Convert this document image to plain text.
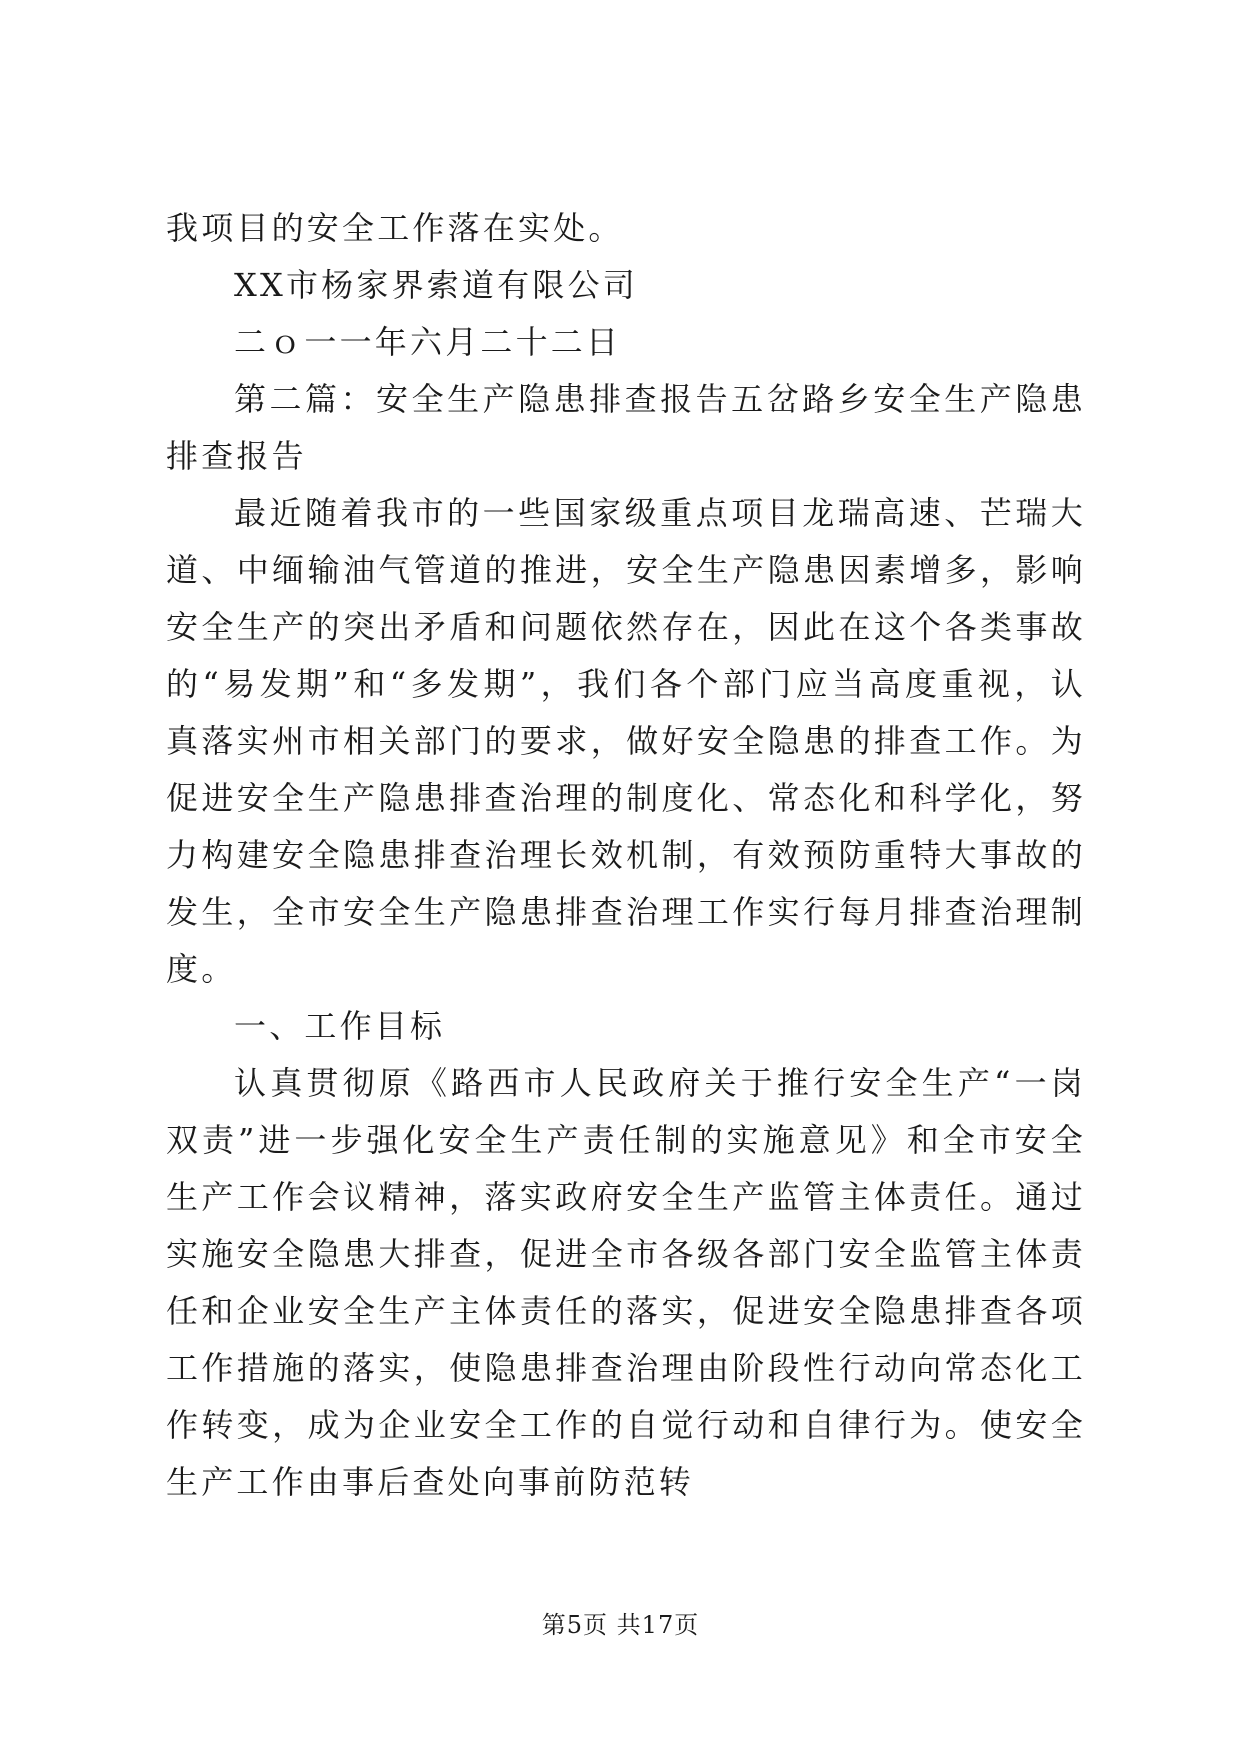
我项目的安全工作落在实处。

XX市杨家界索道有限公司

二ｏ一一年六月二十二日

第二篇：安全生产隐患排查报告五岔路乡安全生产隐患排查报告

最近随着我市的一些国家级重点项目龙瑞高速、芒瑞大道、中缅输油气管道的推进，安全生产隐患因素增多，影响安全生产的突出矛盾和问题依然存在，因此在这个各类事故的“易发期”和“多发期”，我们各个部门应当高度重视，认真落实州市相关部门的要求，做好安全隐患的排查工作。为促进安全生产隐患排查治理的制度化、常态化和科学化，努力构建安全隐患排查治理长效机制，有效预防重特大事故的发生，全市安全生产隐患排查治理工作实行每月排查治理制度。

一、工作目标

认真贯彻原《路西市人民政府关于推行安全生产“一岗双责”进一步强化安全生产责任制的实施意见》和全市安全生产工作会议精神，落实政府安全生产监管主体责任。通过实施安全隐患大排查，促进全市各级各部门安全监管主体责任和企业安全生产主体责任的落实，促进安全隐患排查各项工作措施的落实，使隐患排查治理由阶段性行动向常态化工作转变，成为企业安全工作的自觉行动和自律行为。使安全生产工作由事后查处向事前防范转

第5页 共17页
